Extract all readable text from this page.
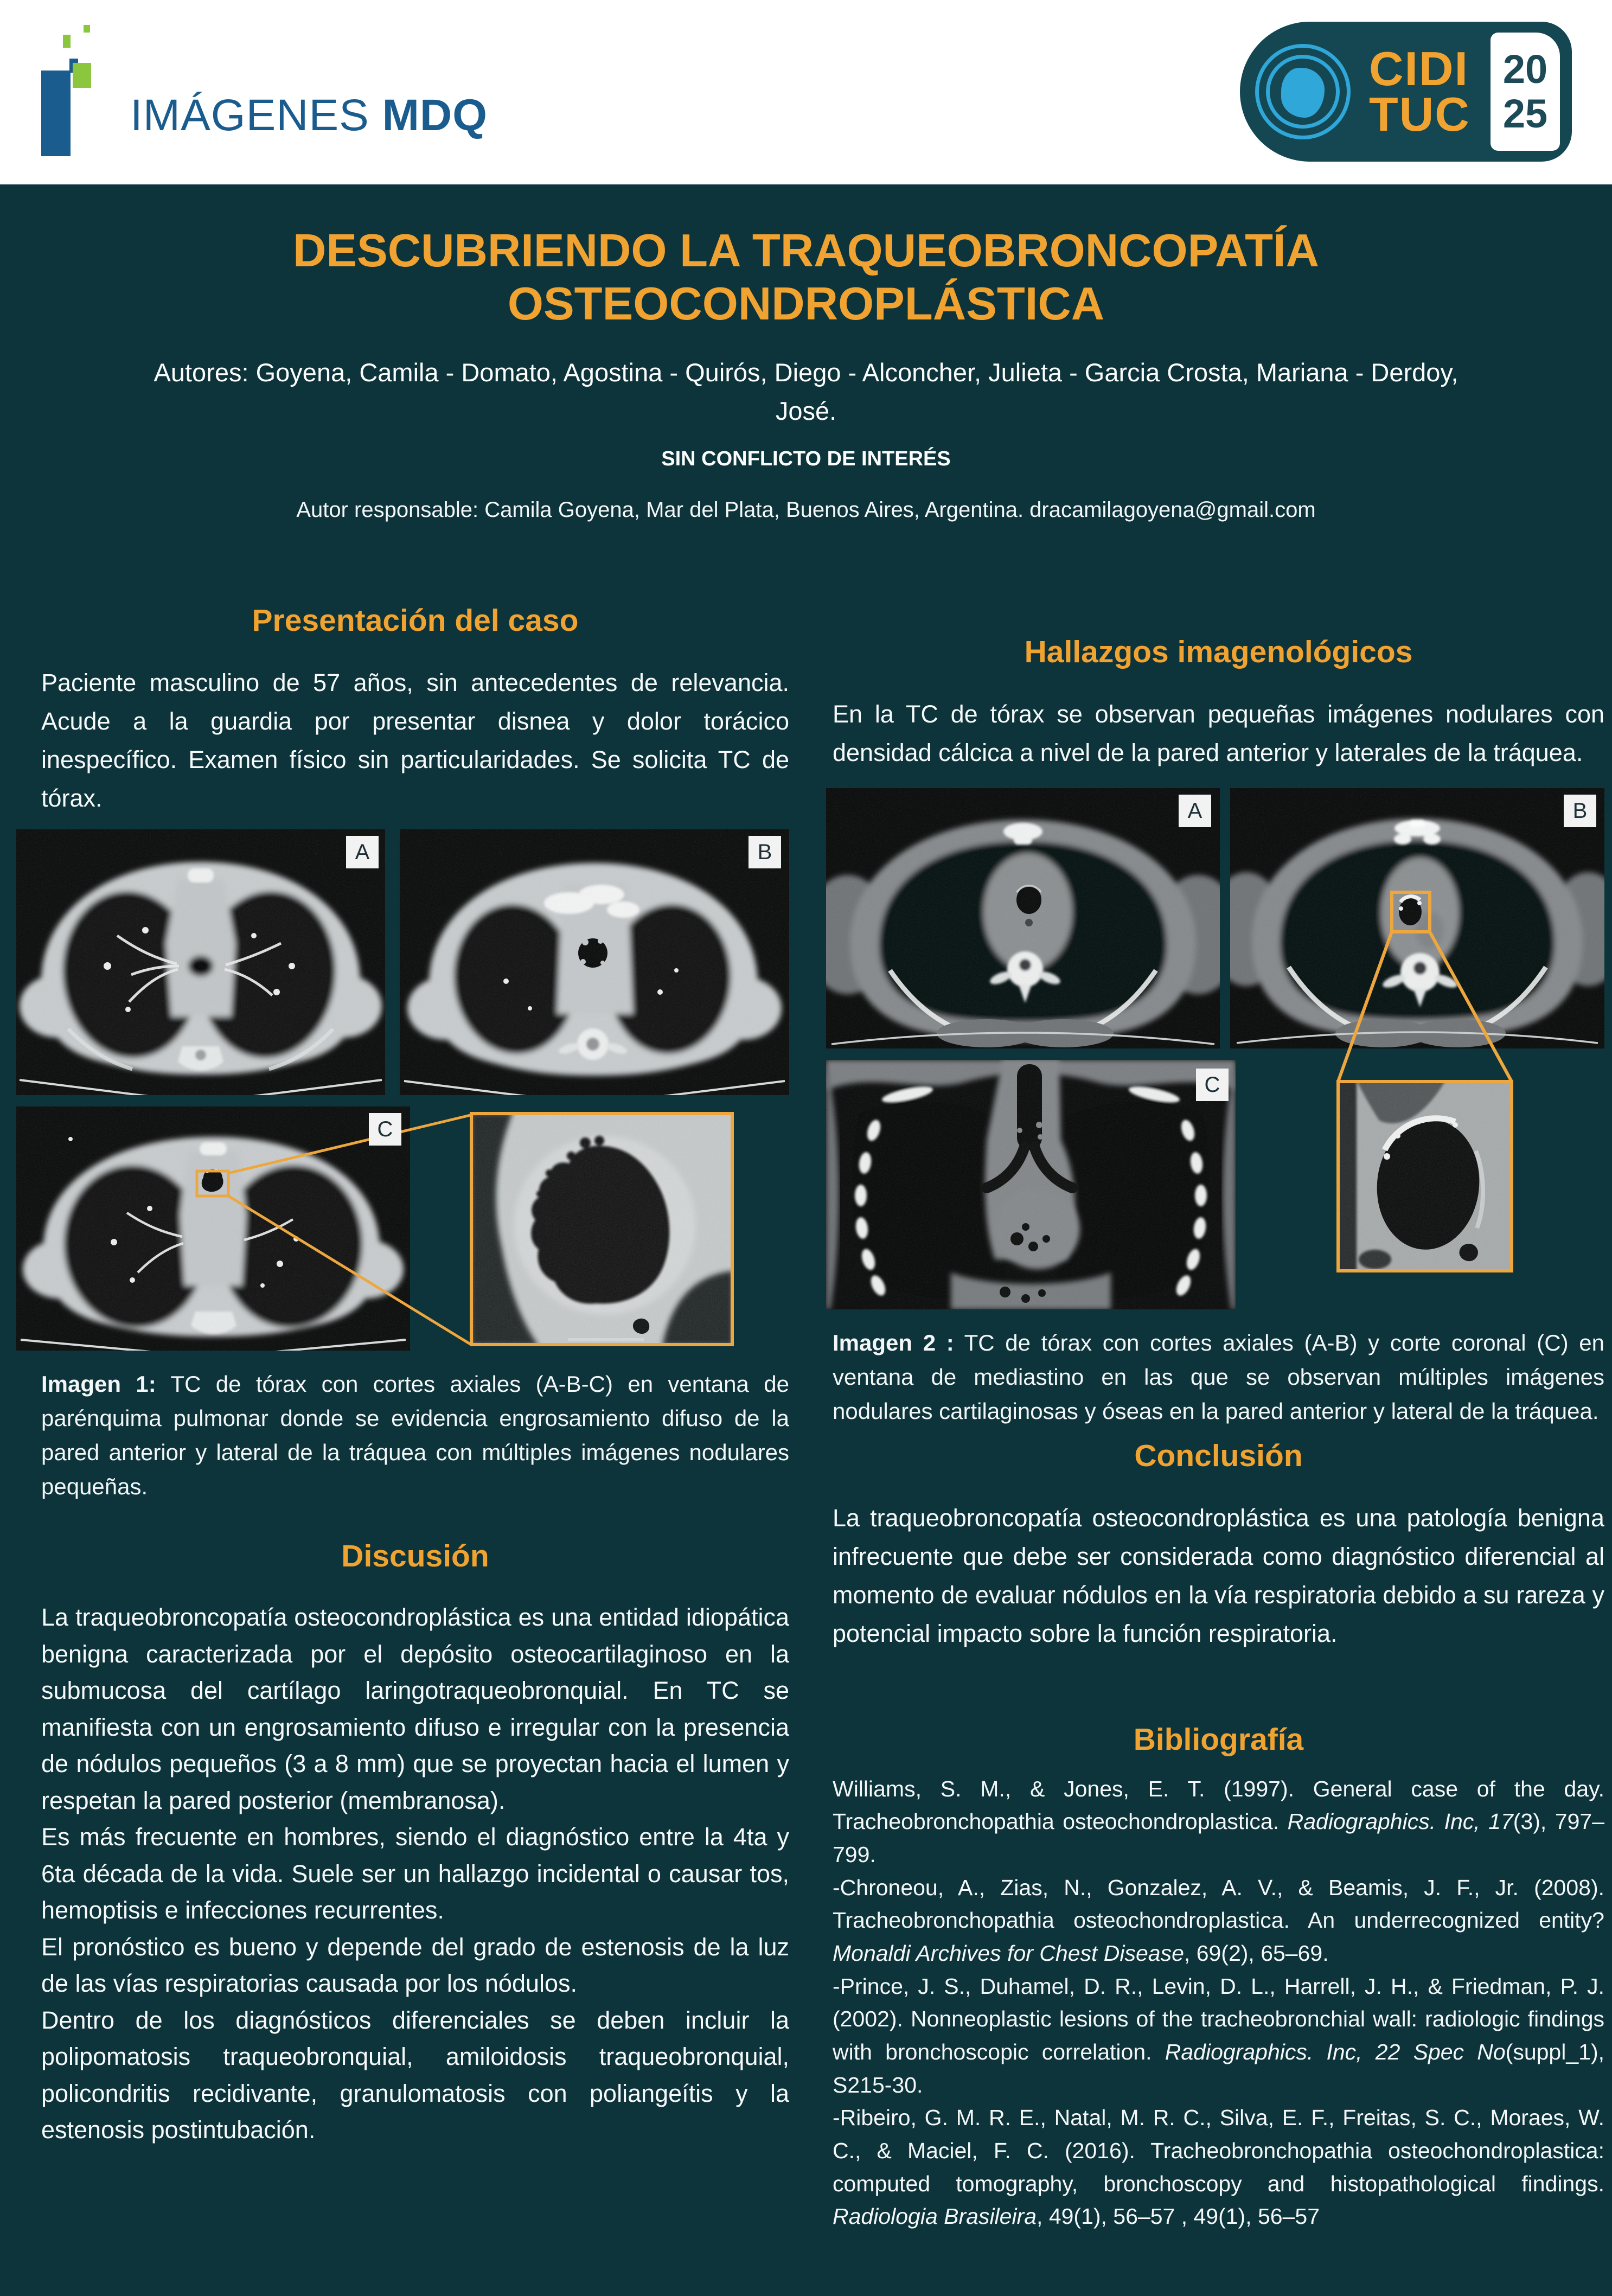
IMÁGENES MDQ
CIDI
TUC
20
25
DESCUBRIENDO LA TRAQUEOBRONCOPATÍA OSTEOCONDROPLÁSTICA
Autores: Goyena, Camila - Domato, Agostina - Quirós, Diego - Alconcher, Julieta - Garcia Crosta, Mariana - Derdoy,
José.
SIN CONFLICTO DE INTERÉS
Autor responsable: Camila Goyena, Mar del Plata, Buenos Aires, Argentina. dracamilagoyena@gmail.com
Presentación del caso

Paciente masculino de 57 años, sin antecedentes de relevancia. Acude a la guardia por presentar disnea y dolor torácico inespecífico. Examen físico sin particularidades. Se solicita TC de tórax.

A	B
C

Imagen 1: TC de tórax con cortes axiales (A-B-C) en ventana de parénquima pulmonar donde se evidencia engrosamiento difuso de la pared anterior y lateral de la tráquea con múltiples imágenes nodulares pequeñas.

Discusión

La traqueobroncopatía osteocondroplástica es una entidad idiopática benigna caracterizada por el depósito osteocartilaginoso en la submucosa del cartílago laringotraqueobronquial. En TC se manifiesta con un engrosamiento difuso e irregular con la presencia de nódulos pequeños (3 a 8 mm) que se proyectan hacia el lumen y respetan la pared posterior (membranosa).

Es más frecuente en hombres, siendo el diagnóstico entre la 4ta y 6ta década de la vida. Suele ser un hallazgo incidental o causar tos, hemoptisis e infecciones recurrentes.

El pronóstico es bueno y depende del grado de estenosis de la luz de las vías respiratorias causada por los nódulos.

Dentro de los diagnósticos diferenciales se deben incluir la polipomatosis traqueobronquial, amiloidosis traqueobronquial, policondritis recidivante, granulomatosis con poliangeítis y la estenosis postintubación.

Hallazgos imagenológicos

En la TC de tórax se observan pequeñas imágenes nodulares con densidad cálcica a nivel de la pared anterior y laterales de la tráquea.

A	B
C

Imagen 2 : TC de tórax con cortes axiales (A-B) y corte coronal (C) en ventana de mediastino en las que se observan múltiples imágenes nodulares cartilaginosas y óseas en la pared anterior y lateral de la tráquea.

Conclusión

La traqueobroncopatía osteocondroplástica es una patología benigna infrecuente que debe ser considerada como diagnóstico diferencial al momento de evaluar nódulos en la vía respiratoria debido a su rareza y potencial impacto sobre la función respiratoria.

Bibliografía

Williams, S. M., & Jones, E. T. (1997). General case of the day. Tracheobronchopathia osteochondroplastica. Radiographics. Inc, 17(3), 797–799.

-Chroneou, A., Zias, N., Gonzalez, A. V., & Beamis, J. F., Jr. (2008). Tracheobronchopathia osteochondroplastica. An underrecognized entity? Monaldi Archives for Chest Disease, 69(2), 65–69.

-Prince, J. S., Duhamel, D. R., Levin, D. L., Harrell, J. H., & Friedman, P. J. (2002). Nonneoplastic lesions of the tracheobronchial wall: radiologic findings with bronchoscopic correlation. Radiographics. Inc, 22 Spec No(suppl_1), S215-30.

-Ribeiro, G. M. R. E., Natal, M. R. C., Silva, E. F., Freitas, S. C., Moraes, W. C., & Maciel, F. C. (2016). Tracheobronchopathia osteochondroplastica: computed tomography, bronchoscopy and histopathological findings. Radiologia Brasileira, 49(1), 56–57 , 49(1), 56–57
